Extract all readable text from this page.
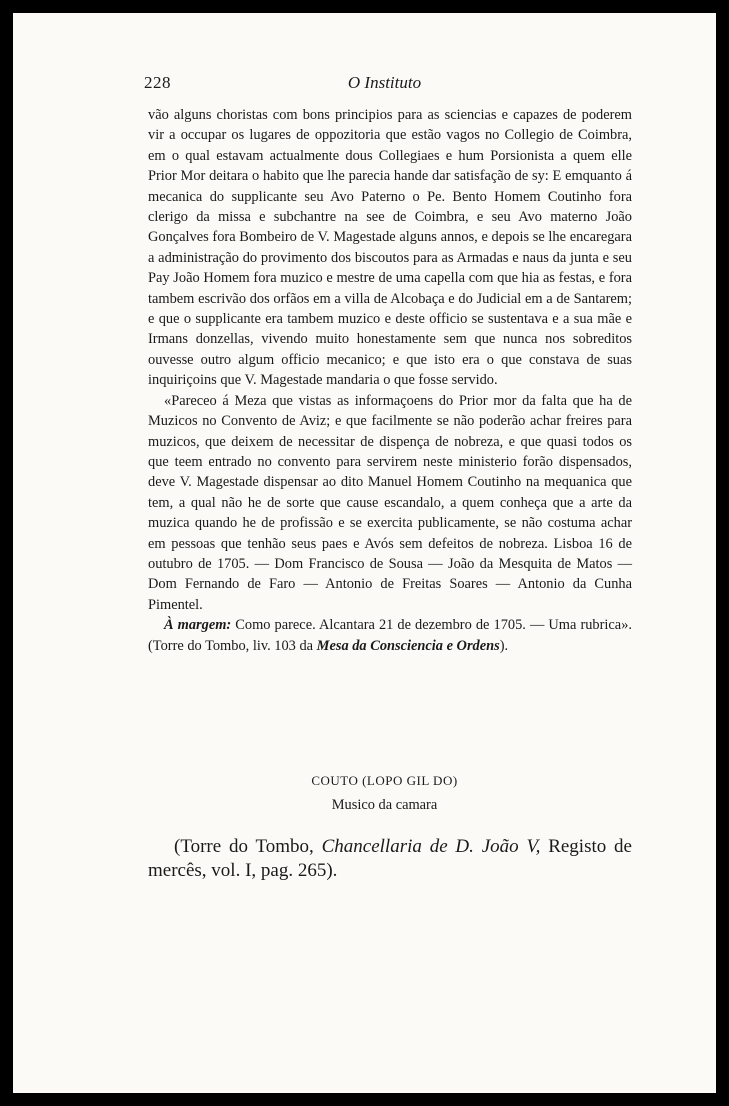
228	O Instituto

vão alguns choristas com bons principios para as sciencias e capazes de poderem vir a occupar os lugares de oppozitoria que estão vagos no Collegio de Coimbra, em o qual estavam actualmente dous Collegiaes e hum Porsionista a quem elle Prior Mor deitara o habito que lhe parecia hande dar satisfação de sy: E emquanto á mecanica do supplicante seu Avo Paterno o Pe. Bento Homem Coutinho fora clerigo da missa e subchantre na see de Coimbra, e seu Avo materno João Gonçalves fora Bombeiro de V. Magestade alguns annos, e depois se lhe encaregara a administração do provimento dos biscoutos para as Armadas e naus da junta e seu Pay João Homem fora muzico e mestre de uma capella com que hia as festas, e fora tambem escrivão dos orfãos em a villa de Alcobaça e do Judicial em a de Santarem; e que o supplicante era tambem muzico e deste officio se sustentava e a sua mãe e Irmans donzellas, vivendo muito honestamente sem que nunca nos sobreditos ouvesse outro algum officio mecanico; e que isto era o que constava de suas inquiriçoins que V. Magestade mandaria o que fosse servido.

«Pareceo á Meza que vistas as informaçoens do Prior mor da falta que ha de Muzicos no Convento de Aviz; e que facilmente se não poderão achar freires para muzicos, que deixem de necessitar de dispença de nobreza, e que quasi todos os que teem entrado no convento para servirem neste ministerio forão dispensados, deve V. Magestade dispensar ao dito Manuel Homem Coutinho na mequanica que tem, a qual não he de sorte que cause escandalo, a quem conheça que a arte da muzica quando he de profissão e se exercita publicamente, se não costuma achar em pessoas que tenhão seus paes e Avós sem defeitos de nobreza. Lisboa 16 de outubro de 1705. — Dom Francisco de Sousa — João da Mesquita de Matos — Dom Fernando de Faro — Antonio de Freitas Soares — Antonio da Cunha Pimentel.

À margem: Como parece. Alcantara 21 de dezembro de 1705. — Uma rubrica». (Torre do Tombo, liv. 103 da Mesa da Consciencia e Ordens).

COUTO (LOPO GIL DO)
Musico da camara

(Torre do Tombo, Chancellaria de D. João V, Registo de mercês, vol. I, pag. 265).
